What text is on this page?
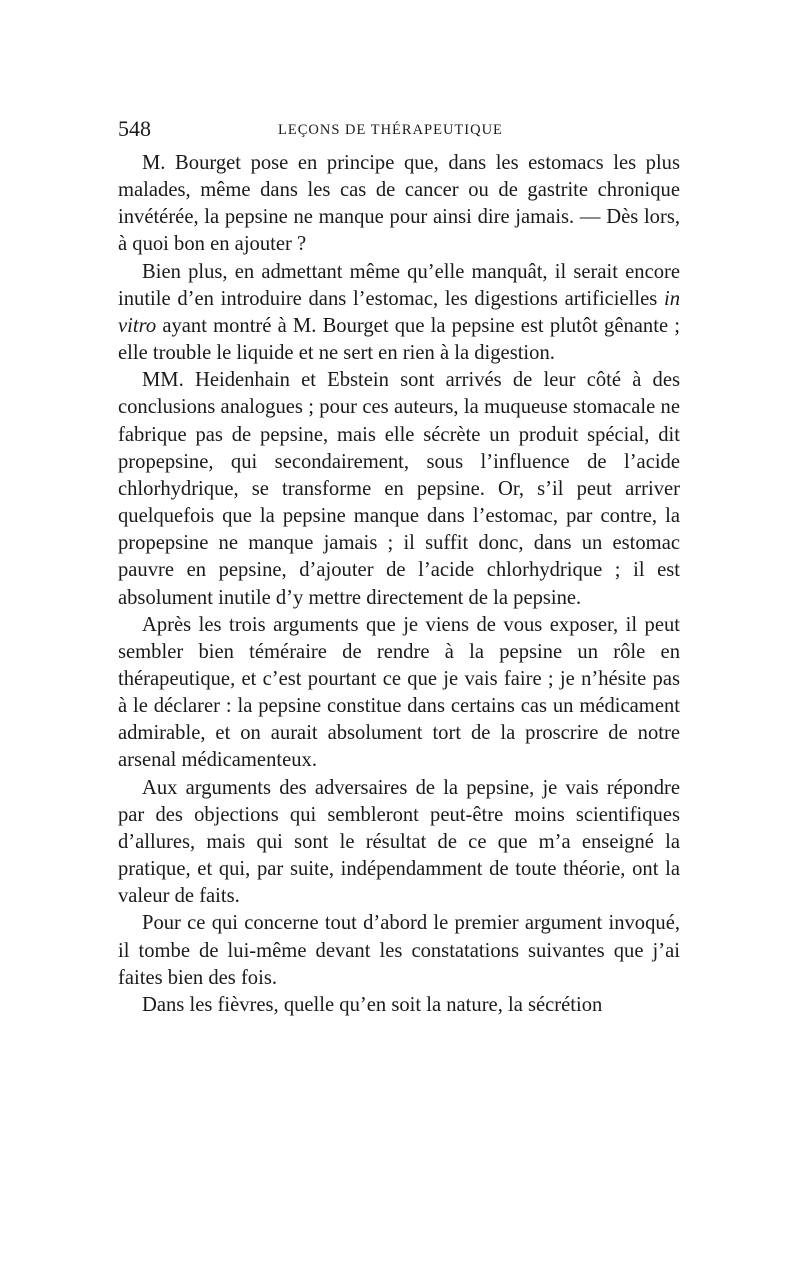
548	LEÇONS DE THÉRAPEUTIQUE

M. Bourget pose en principe que, dans les estomacs les plus malades, même dans les cas de cancer ou de gastrite chronique invétérée, la pepsine ne manque pour ainsi dire jamais. — Dès lors, à quoi bon en ajouter ?

Bien plus, en admettant même qu’elle manquât, il serait encore inutile d’en introduire dans l’estomac, les digestions artificielles in vitro ayant montré à M. Bourget que la pepsine est plutôt gênante ; elle trouble le liquide et ne sert en rien à la digestion.

MM. Heidenhain et Ebstein sont arrivés de leur côté à des conclusions analogues ; pour ces auteurs, la muqueuse stomacale ne fabrique pas de pepsine, mais elle sécrète un produit spécial, dit propepsine, qui secondairement, sous l’influence de l’acide chlorhydrique, se transforme en pepsine. Or, s’il peut arriver quelquefois que la pepsine manque dans l’estomac, par contre, la propepsine ne manque jamais ; il suffit donc, dans un estomac pauvre en pepsine, d’ajouter de l’acide chlorhydrique ; il est absolument inutile d’y mettre directement de la pepsine.

Après les trois arguments que je viens de vous exposer, il peut sembler bien téméraire de rendre à la pepsine un rôle en thérapeutique, et c’est pourtant ce que je vais faire ; je n’hésite pas à le déclarer : la pepsine constitue dans certains cas un médicament admirable, et on aurait absolument tort de la proscrire de notre arsenal médicamenteux.

Aux arguments des adversaires de la pepsine, je vais répondre par des objections qui sembleront peut-être moins scientifiques d’allures, mais qui sont le résultat de ce que m’a enseigné la pratique, et qui, par suite, indépendamment de toute théorie, ont la valeur de faits.

Pour ce qui concerne tout d’abord le premier argument invoqué, il tombe de lui-même devant les constatations suivantes que j’ai faites bien des fois.

Dans les fièvres, quelle qu’en soit la nature, la sécrétion
